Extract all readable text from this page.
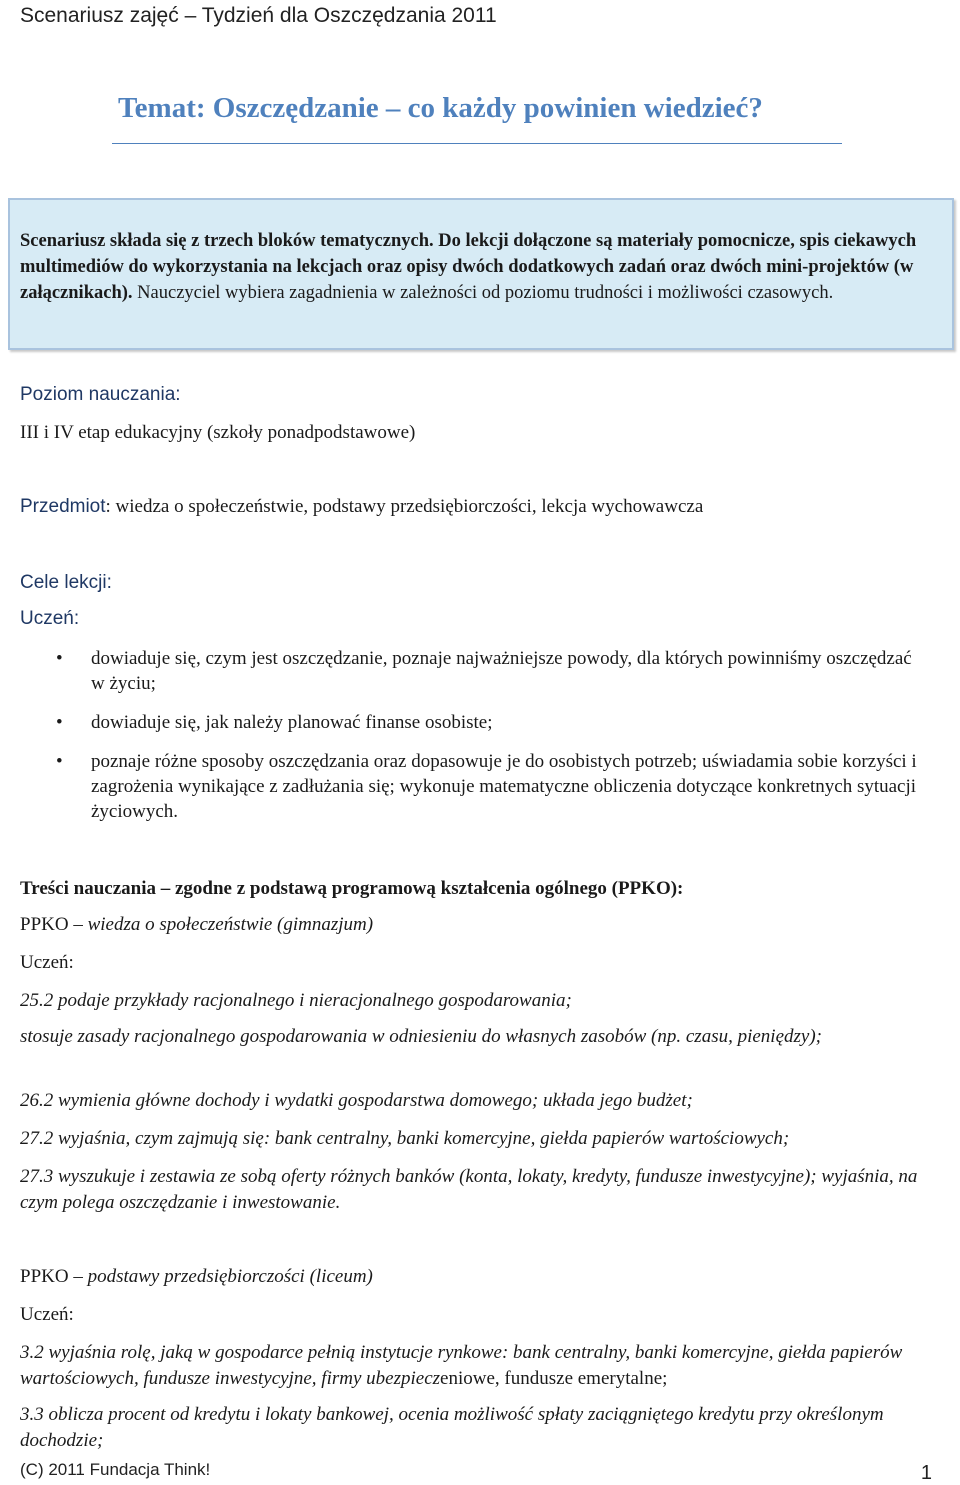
Scenariusz zajęć – Tydzień dla Oszczędzania 2011
Temat: Oszczędzanie – co każdy powinien wiedzieć?
Scenariusz składa się z trzech bloków tematycznych. Do lekcji dołączone są materiały pomocnicze, spis ciekawych multimediów do wykorzystania na lekcjach oraz opisy dwóch dodatkowych zadań oraz dwóch mini-projektów (w załącznikach). Nauczyciel wybiera zagadnienia w zależności od poziomu trudności i możliwości czasowych.
Poziom nauczania:
III i IV etap edukacyjny (szkoły ponadpodstawowe)
Przedmiot: wiedza o społeczeństwie, podstawy przedsiębiorczości, lekcja wychowawcza
Cele lekcji:
Uczeń:
• dowiaduje się, czym jest oszczędzanie, poznaje najważniejsze powody, dla których powinniśmy oszczędzać w życiu;
• dowiaduje się, jak należy planować finanse osobiste;
• poznaje różne sposoby oszczędzania oraz dopasowuje je do osobistych potrzeb; uświadamia sobie korzyści i zagrożenia wynikające z zadłużania się; wykonuje matematyczne obliczenia dotyczące konkretnych sytuacji życiowych.
Treści nauczania – zgodne z podstawą programową kształcenia ogólnego (PPKO):
PPKO – wiedza o społeczeństwie (gimnazjum)
Uczeń:
25.2 podaje przykłady racjonalnego i nieracjonalnego gospodarowania;
stosuje zasady racjonalnego gospodarowania w odniesieniu do własnych zasobów (np. czasu, pieniędzy);
26.2 wymienia główne dochody i wydatki gospodarstwa domowego; układa jego budżet;
27.2 wyjaśnia, czym zajmują się: bank centralny, banki komercyjne, giełda papierów wartościowych;
27.3 wyszukuje i zestawia ze sobą oferty różnych banków (konta, lokaty, kredyty, fundusze inwestycyjne); wyjaśnia, na czym polega oszczędzanie i inwestowanie.
PPKO – podstawy przedsiębiorczości (liceum)
Uczeń:
3.2 wyjaśnia rolę, jaką w gospodarce pełnią instytucje rynkowe: bank centralny, banki komercyjne, giełda papierów wartościowych, fundusze inwestycyjne, firmy ubezpieczeniowe, fundusze emerytalne;
3.3 oblicza procent od kredytu i lokaty bankowej, ocenia możliwość spłaty zaciągniętego kredytu przy określonym dochodzie;
(C) 2011 Fundacja Think!	1
